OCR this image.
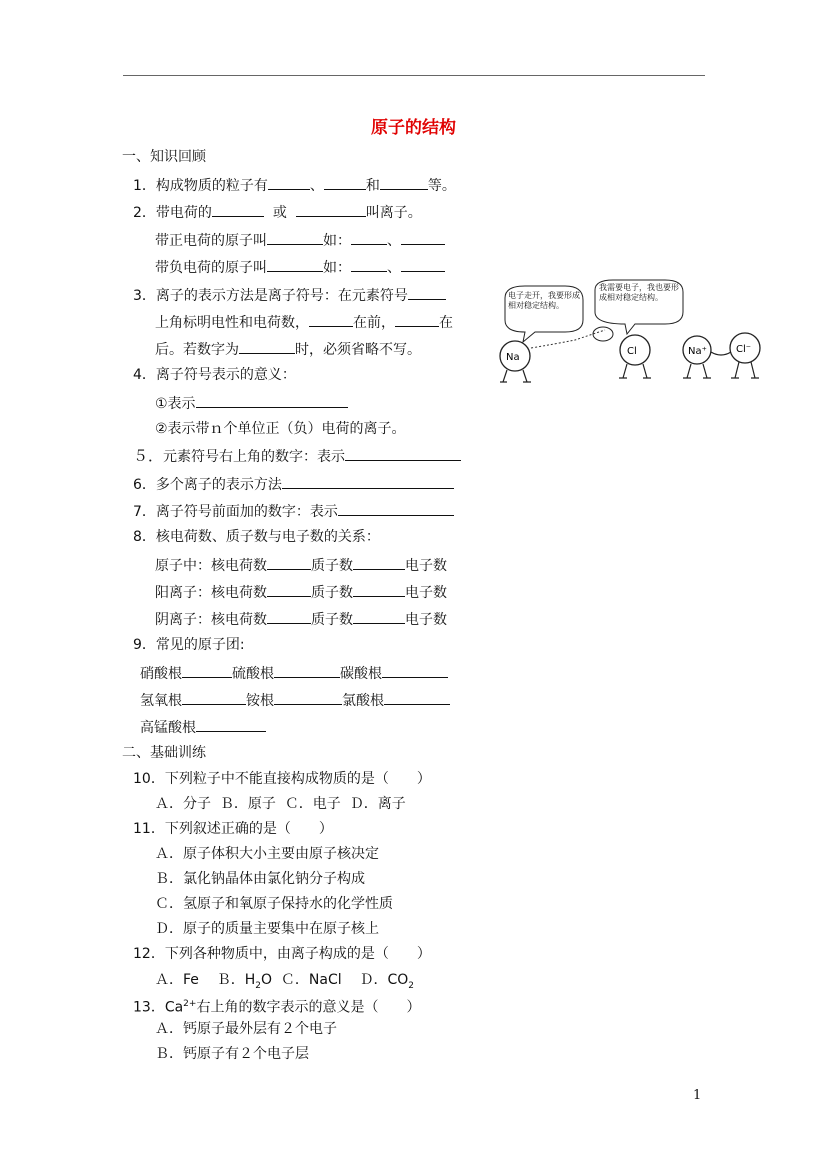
原子的结构
一、知识回顾
1．构成物质的粒子有	、	和	等。
2．带电荷的	或	叫离子。
带正电荷的原子叫	如：	、
带负电荷的原子叫	如：	、
3．离子的表示方法是离子符号：在元素符号
上角标明电性和电荷数，	在前，	在
后。若数字为	时，必须省略不写。
4．离子符号表示的意义：
①表示
②表示带ｎ个单位正（负）电荷的离子。
５．元素符号右上角的数字：表示
6．多个离子的表示方法
7．离子符号前面加的数字：表示
8．核电荷数、质子数与电子数的关系：
原子中：核电荷数	质子数	电子数
阳离子：核电荷数	质子数	电子数
阴离子：核电荷数	质子数	电子数
9．常见的原子团:
硝酸根	硫酸根	碳酸根
氢氧根	铵根	氯酸根
高锰酸根
二、基础训练
10．下列粒子中不能直接构成物质的是（　　）
Ａ．分子 Ｂ．原子 Ｃ．电子 Ｄ．离子
11．下列叙述正确的是（　　）
Ａ．原子体积大小主要由原子核决定
Ｂ．氯化钠晶体由氯化钠分子构成
Ｃ．氢原子和氧原子保持水的化学性质
Ｄ．原子的质量主要集中在原子核上
12．下列各种物质中，由离子构成的是（　　）
Ａ．Fe Ｂ．$H_2O$ Ｃ．NaCl Ｄ．$CO_2$
13．$Ca^{2+}$右上角的数字表示的意义是（　　）
Ａ．钙原子最外层有２个电子
Ｂ．钙原子有２个电子层
1
电子走开，我要形成相对稳定结构。
我需要电子，我也要形成相对稳定结构。
Na
Cl	Na⁺	Cl⁻
